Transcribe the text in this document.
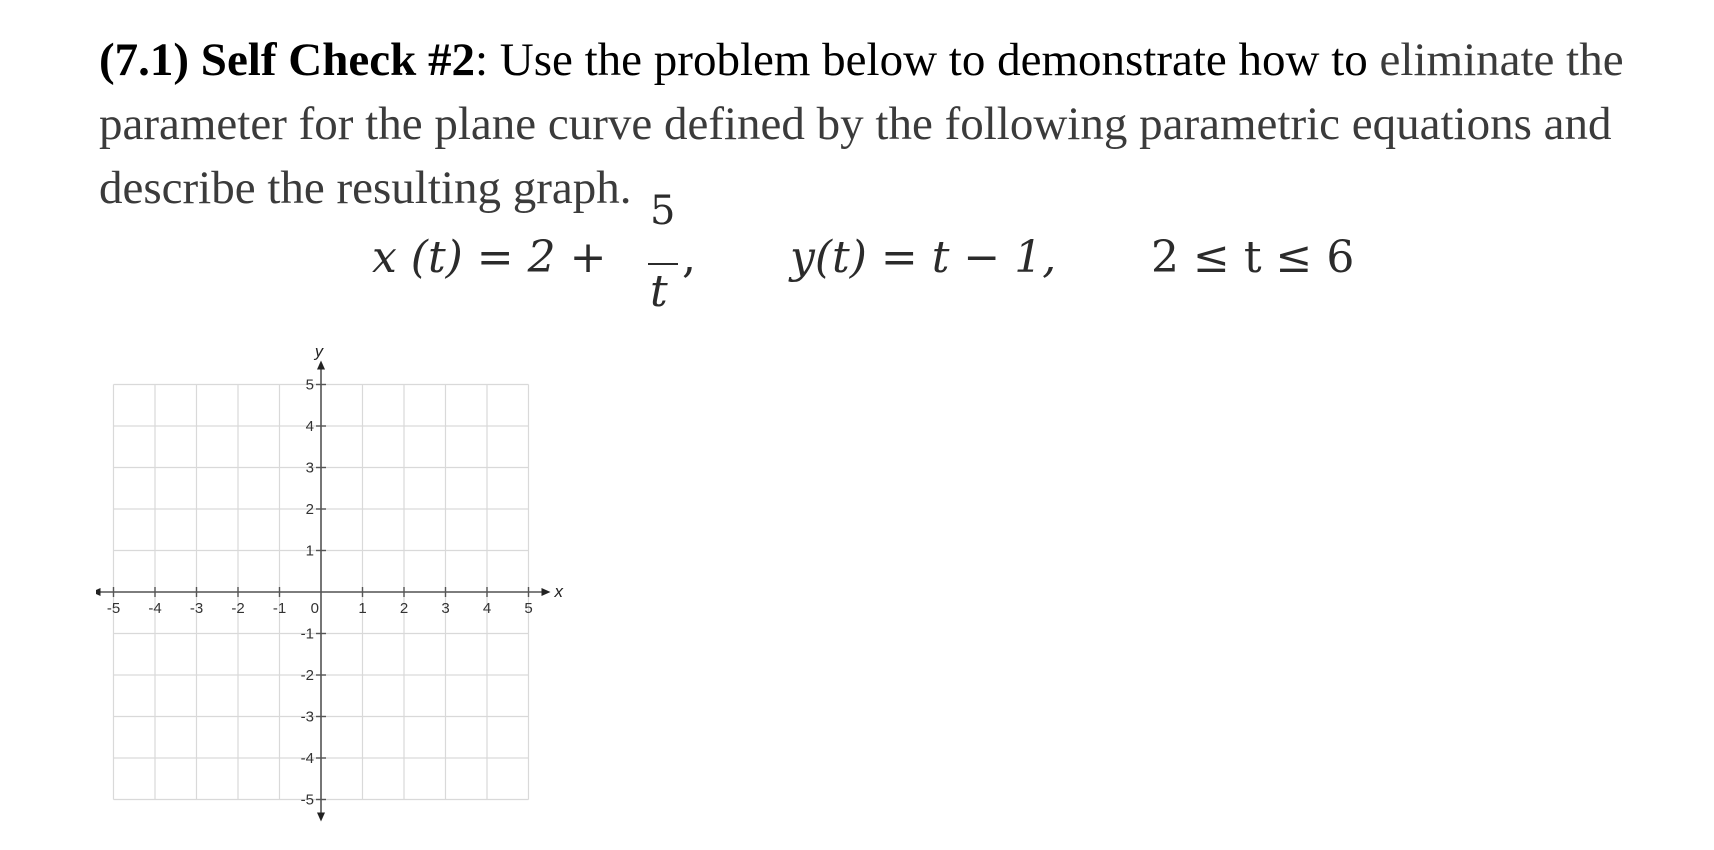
(7.1) Self Check #2: Use the problem below to demonstrate how to eliminate the parameter for the plane curve defined by the following parametric equations and describe the resulting graph.
x (t) = 2 +
5
t
, y(t) = t − 1, 2 ≤ t ≤ 6
-5 -4 -3 -2 -1 0	1 2 3 4 5
5
4
3
2
1
-1
-2
-3
-4
-5
x
y
